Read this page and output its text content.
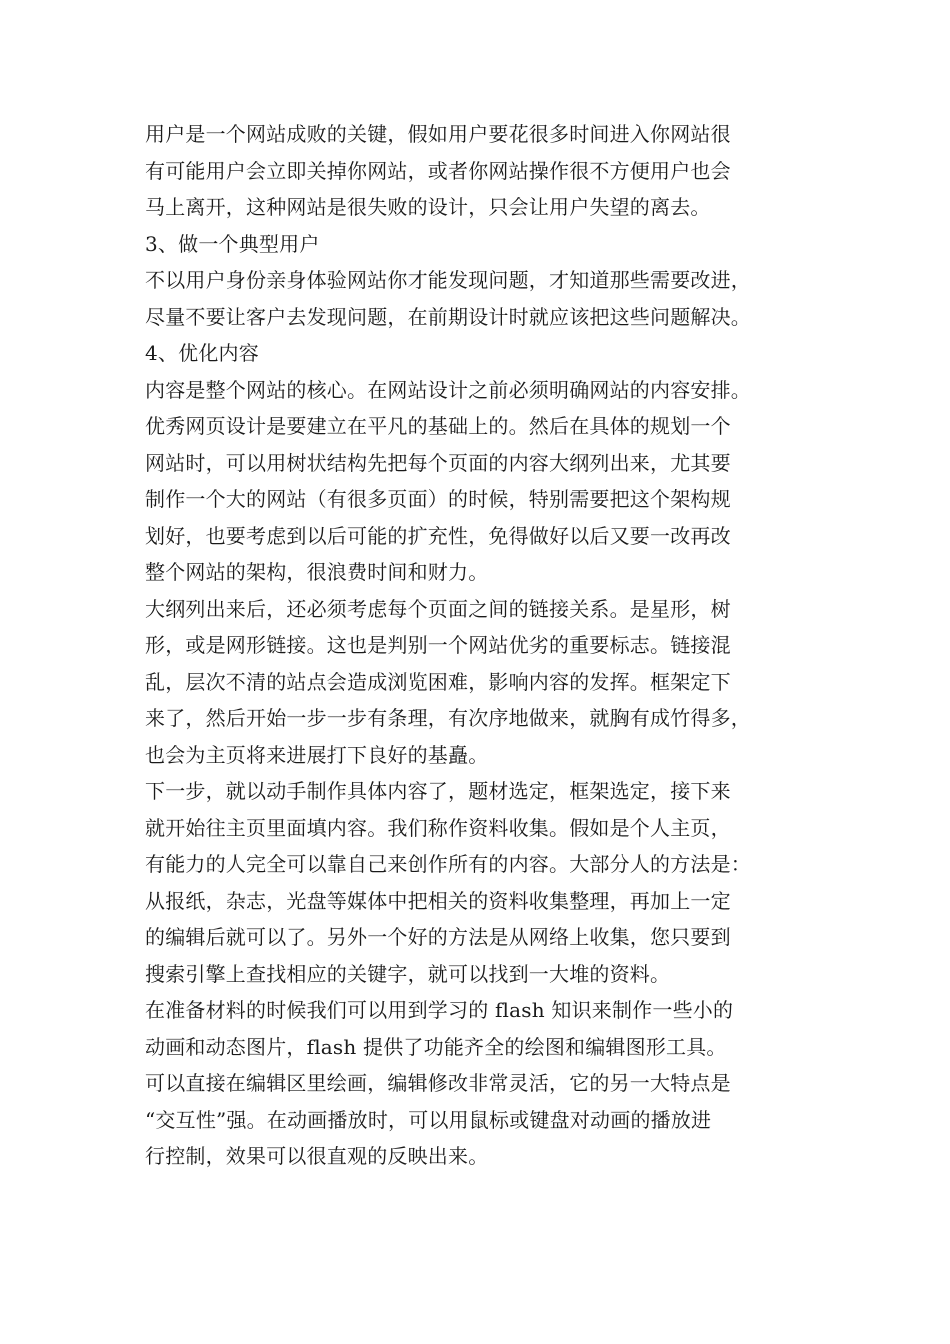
用户是一个网站成败的关键，假如用户要花很多时间进入你网站很
有可能用户会立即关掉你网站，或者你网站操作很不方便用户也会
马上离开，这种网站是很失败的设计，只会让用户失望的离去。
3、做一个典型用户
不以用户身份亲身体验网站你才能发现问题，才知道那些需要改进，
尽量不要让客户去发现问题，在前期设计时就应该把这些问题解决。
4、优化内容
内容是整个网站的核心。在网站设计之前必须明确网站的内容安排。
优秀网页设计是要建立在平凡的基础上的。然后在具体的规划一个
网站时，可以用树状结构先把每个页面的内容大纲列出来，尤其要
制作一个大的网站（有很多页面）的时候，特别需要把这个架构规
划好，也要考虑到以后可能的扩充性，免得做好以后又要一改再改
整个网站的架构，很浪费时间和财力。
大纲列出来后，还必须考虑每个页面之间的链接关系。是星形，树
形，或是网形链接。这也是判别一个网站优劣的重要标志。链接混
乱，层次不清的站点会造成浏览困难，影响内容的发挥。框架定下
来了，然后开始一步一步有条理，有次序地做来，就胸有成竹得多，
也会为主页将来进展打下良好的基矗。
下一步，就以动手制作具体内容了，题材选定，框架选定，接下来
就开始往主页里面填内容。我们称作资料收集。假如是个人主页，
有能力的人完全可以靠自己来创作所有的内容。大部分人的方法是：
从报纸，杂志，光盘等媒体中把相关的资料收集整理，再加上一定
的编辑后就可以了。另外一个好的方法是从网络上收集，您只要到
搜索引擎上查找相应的关键字，就可以找到一大堆的资料。
在准备材料的时候我们可以用到学习的 flash 知识来制作一些小的
动画和动态图片，flash 提供了功能齐全的绘图和编辑图形工具。
可以直接在编辑区里绘画，编辑修改非常灵活，它的另一大特点是
“交互性”强。在动画播放时，可以用鼠标或键盘对动画的播放进
行控制，效果可以很直观的反映出来。
